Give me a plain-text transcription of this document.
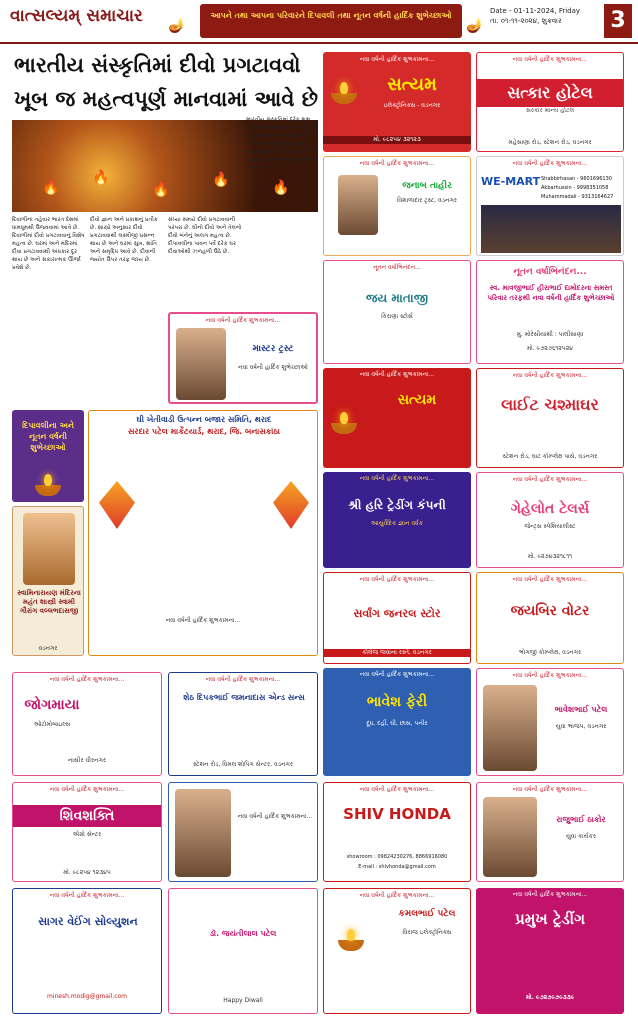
વાત્સલ્યમ્ સમાચાર 🪔
આપને તથા આપના પરિવારને દિપાવલી તથા નૂતન વર્ષની હાર્દિક શુભેચ્છાઓ
🪔
Date - 01-11-2024, Friday
તા. ૦૧-૧૧-૨૦૨૪, શુક્રવાર	3
ભારતીય સંસ્કૃતિમાં દીવો પ્રગટાવવો
ખૂબ જ મહત્વપૂર્ણ માનવામાં આવે છે
🔥
🔥
🔥
🔥	🔥
દિવાળીના તહેવાર ભારત દેશમાં ધામધૂમથી ઉજવવામાં આવે છે. દિવાળીમાં દીવો પ્રગટાવવાનું વિશેષ મહત્વ છે. ઘરમાં અને મંદિરમાં દીવા પ્રગટાવવાથી અંધકાર દૂર થાય છે અને સકારાત્મક ઊર્જા પ્રવેશે છે.
દીવો જ્ઞાન અને પ્રકાશનું પ્રતીક છે. શાસ્ત્રો અનુસાર દીવો પ્રગટાવવાથી લક્ષ્મીજી પ્રસન્ન થાય છે અને ઘરમાં સુખ, શાંતિ અને સમૃદ્ધિ આવે છે. દીવાની જ્યોત ઉપર તરફ જાય છે.
સંધ્યા સમયે દીવો પ્રગટાવવાની પરંપરા છે. ઘીનો દીવો અને તેલનો દીવો બંનેનું અલગ મહત્વ છે. દીપાવલીના પાવન પર્વે દરેક ઘર દીવાઓથી ઝળહળી ઉઠે છે.
ભારતીય સંસ્કૃતિમાં દરેક શુભ કાર્યની શરૂઆત દીવો પ્રગટાવીને કરવામાં આવે છે. પૂજા, આરતી અને ઉત્સવોમાં દીવાનું સ્થાન મહત્વપૂર્ણ છે. દીવો અંધકારમાંથી પ્રકાશ તરફ લઈ જવાનો સંદેશ આપે છે.
નવા વર્ષની હાર્દિક શુભકામના...
સત્યમ
ઇલેક્ટ્રોનિક્સ - વડનગર
મો. ૯૮૨૫૪ ૩૨૧૨૩
નવા વર્ષની હાર્દિક શુભકામના...
સત્કાર હોટેલ
સરકાર માન્ય હોટલ
મહેસાણા રોડ, સ્ટેશન રોડ, વડનગર
નવા વર્ષની હાર્દિક શુભકામના...
જનાબ તાહીર
વિશાળાદાર ટ્રસ્ટ, વડનગર
નવા વર્ષની હાર્દિક શુભકામના...
WE-MART Shabbirhasan - 9601696130
Akbarhussin - 9998351058
Muhammadali - 9313164627
નવા વર્ષની હાર્દિક શુભકામના...
માસ્ટર ટ્રસ્ટ
નવા વર્ષની હાર્દિક શુભેચ્છાઓ
નૂતન વર્ષાભિનંદન...
જય માતાજી
કિરાણા સ્ટોર્સ
નૂતન વર્ષાભિનંદન...
સ્વ. માવજીભાઈ હીરાભાઈ દામોદરના સમસ્ત પરિવાર તરફથી નવા વર્ષની હાર્દિક શુભેચ્છાઓ
મુ. મોરેસીયાથી : પાલીસાણા
મો. ૯૭૨૭૬૧૨૫૨૪
દિપાવલીના અને નૂતન વર્ષની શુભેચ્છાઓ
સ્વામિનારાયણ મંદિરના મહંત શાસ્ત્રી સ્વામી ગૌરાંગ વલ્લભદાસજી
વડનગર
ઘી ખેતીવાડી ઉત્પન્ન બજાર સમિતિ, થરાદ
સરદાર પટેલ માર્કેટયાર્ડ, થરાદ, જિ. બનાસકાંઠા
નવા વર્ષની હાર્દિક શુભકામના...
નવા વર્ષની હાર્દિક શુભકામના...
સત્યમ
નવા વર્ષની હાર્દિક શુભકામના...
લાઈટ ચશ્માઘર
સ્ટેશન રોડ, ઘાટ કૉમ્પ્લેક્ષ પાસે, વડનગર
નવા વર્ષની હાર્દિક શુભકામના...
શ્રી હરિ ટ્રેડીંગ કંપની
આયુર્વેદિક જ્ઞાન વર્ધક
નવા વર્ષની હાર્દિક શુભકામના...
ગેહેલોત ટેલર્સ
જેન્ટ્સ સ્પેશિયાલીસ્ટ
મો. ૯૨૭૪૩૨૧૮૧૧
નવા વર્ષની હાર્દિક શુભકામના...
સર્વાંગ જનરલ સ્ટોર
કોલેજ જવાના રસ્તે, વડનગર
નવા વર્ષની હાર્દિક શુભકામના...
જયબિર વોટર
ભોગજી કોમ્પ્લેક્ષ, વડનગર
નવા વર્ષની હાર્દિક શુભકામના...
જોગમાયા
ઓટોમોબાઇલ્સ
નાસીર વીરનગર
નવા વર્ષની હાર્દિક શુભકામના...
શેઠ દિપકભાઈ જમનાદાસ એન્ડ સન્સ
સ્ટેશન રોડ, વિમલ શોપિંગ સેન્ટર, વડનગર
નવા વર્ષની હાર્દિક શુભકામના...
ભાવેશ ફેરી
દૂધ, દહીં, ઘી, છાસ, પનીર
નવા વર્ષની હાર્દિક શુભકામના...
ભાવેશભાઈ પટેલ
યુવા ભાજપ, વડનગર
નવા વર્ષની હાર્દિક શુભકામના...
શિવશક્તિ
એગ્રો સેન્ટર
મો. ૯૮૨૫૪ ૧૨૩૪૫
નવા વર્ષની હાર્દિક શુભકામના...
નવા વર્ષની હાર્દિક શુભકામના...
SHIV HONDA
showroom : 09824230276, 8866916080
E-mail : shivhonda@gmail.com
નવા વર્ષની હાર્દિક શુભકામના...
રાજુભાઈ ઠાકોર
યુવા કાર્યકર
નવા વર્ષની હાર્દિક શુભકામના...
સાગર વેઈંગ સોલ્યુશન
minesh.modig@gmail.com
ડૉ. જયંતીલાલ પટેલ
Happy Diwali
નવા વર્ષની હાર્દિક શુભકામના...
કમલભાઈ પટેલ
વિરાજ ઇલેક્ટ્રોનિક્સ
નવા વર્ષની હાર્દિક શુભકામના...
પ્રમુખ ટ્રેડીંગ
મો. ૯૭૨૭૯૭૯૩૩૯
